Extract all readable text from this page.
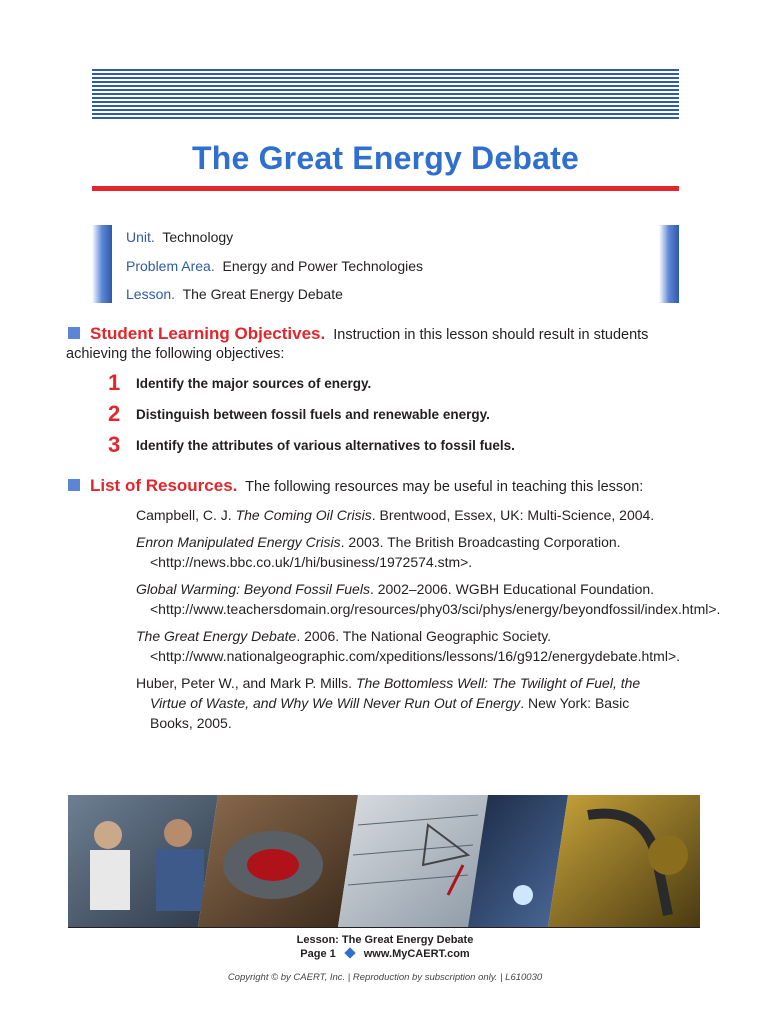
The Great Energy Debate
Unit. Technology
Problem Area. Energy and Power Technologies
Lesson. The Great Energy Debate
Student Learning Objectives. Instruction in this lesson should result in students
achieving the following objectives:
1 Identify the major sources of energy.
2 Distinguish between fossil fuels and renewable energy.
3 Identify the attributes of various alternatives to fossil fuels.
List of Resources. The following resources may be useful in teaching this lesson:
Campbell, C. J. The Coming Oil Crisis. Brentwood, Essex, UK: Multi-Science, 2004.
Enron Manipulated Energy Crisis. 2003. The British Broadcasting Corporation. <http://news.bbc.co.uk/1/hi/business/1972574.stm>.
Global Warming: Beyond Fossil Fuels. 2002–2006. WGBH Educational Foundation. <http://www.teachersdomain.org/resources/phy03/sci/phys/energy/beyondfossil/index.html>.
The Great Energy Debate. 2006. The National Geographic Society. <http://www.nationalgeographic.com/xpeditions/lessons/16/g912/energydebate.html>.
Huber, Peter W., and Mark P. Mills. The Bottomless Well: The Twilight of Fuel, the Virtue of Waste, and Why We Will Never Run Out of Energy. New York: Basic Books, 2005.
Lesson: The Great Energy Debate
Page 1	www.MyCAERT.com
Copyright © by CAERT, Inc. | Reproduction by subscription only. | L610030
